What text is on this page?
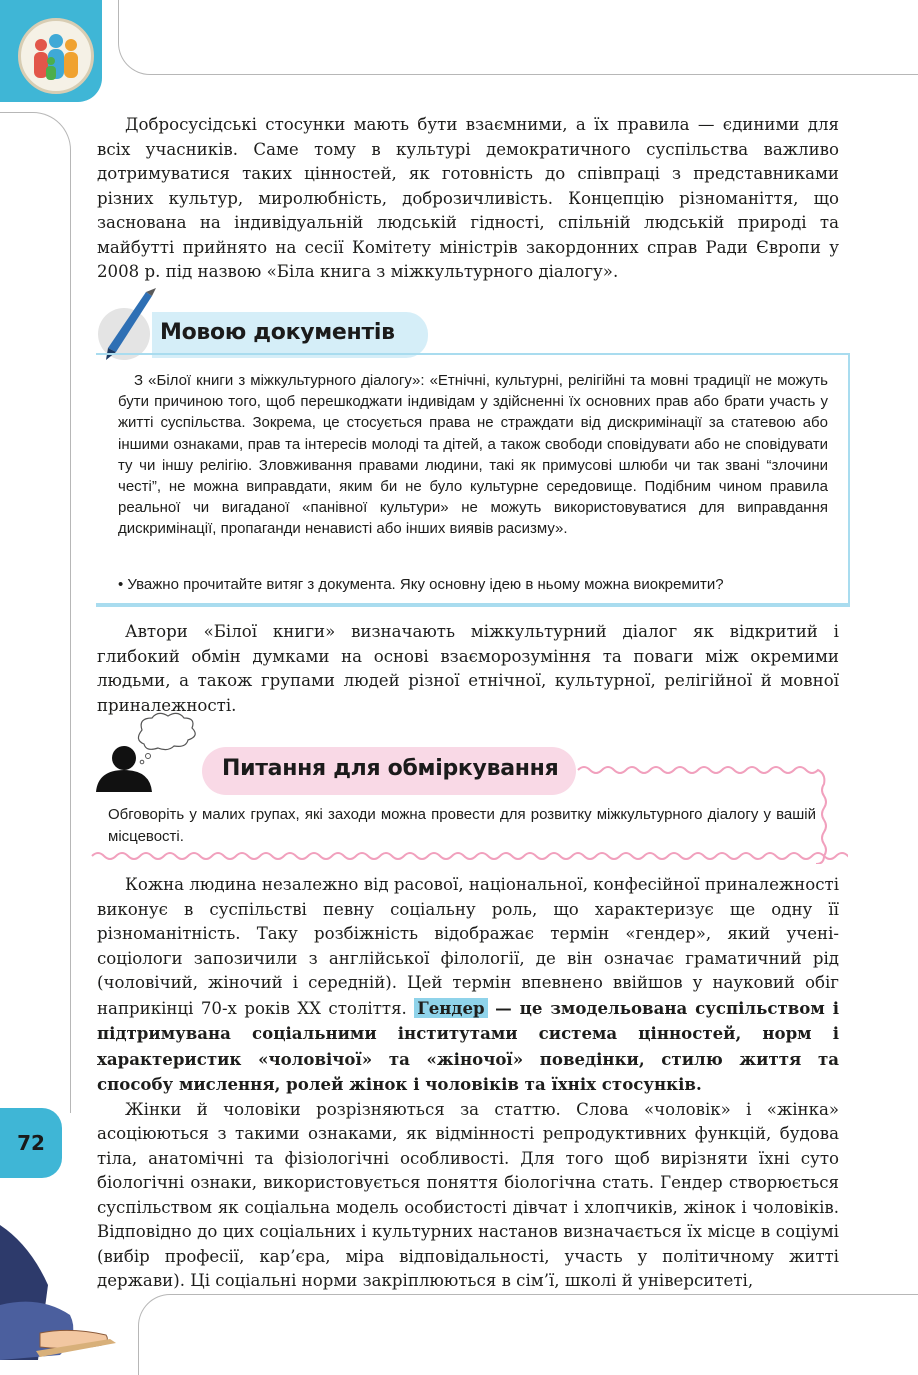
72

Добросусідські стосунки мають бути взаємними, а їх правила — єдиними для всіх учасників. Саме тому в культурі демократичного суспільства важливо дотримуватися таких цінностей, як готовність до співпраці з представниками різних культур, миролюбність, доброзичливість. Концепцію різноманіття, що заснована на індивідуальній людській гідності, спільній людській природі та майбутті прийнято на сесії Комітету міністрів закордонних справ Ради Європи у 2008 р. під назвою «Біла книга з міжкультурного діалогу».

Мовою документів

З «Білої книги з міжкультурного діалогу»: «Етнічні, культурні, релігійні та мовні традиції не можуть бути причиною того, щоб перешкоджати індивідам у здійсненні їх основних прав або брати участь у житті суспільства. Зокрема, це стосується права не страждати від дискримінації за статевою або іншими ознаками, прав та інтересів молоді та дітей, а також свободи сповідувати або не сповідувати ту чи іншу релігію. Зловживання правами людини, такі як примусові шлюби чи так звані “злочини честі”, не можна виправдати, яким би не було культурне середовище. Подібним чином правила реальної чи вигаданої «панівної культури» не можуть використовуватися для виправдання дискримінації, пропаганди ненависті або інших виявів расизму».

• Уважно прочитайте витяг з документа. Яку основну ідею в ньому можна виокремити?

Автори «Білої книги» визначають міжкультурний діалог як відкритий і глибокий обмін думками на основі взаєморозуміння та поваги між окремими людьми, а також групами людей різної етнічної, культурної, релігійної й мовної приналежності.

Питання для обміркування
Обговоріть у малих групах, які заходи можна провести для розвитку міжкультурного діалогу у вашій місцевості.

Кожна людина незалежно від расової, національної, конфесійної приналежності виконує в суспільстві певну соціальну роль, що характеризує ще одну її різноманітність. Таку розбіжність відображає термін «гендер», який учені-соціологи запозичили з англійської філології, де він означає граматичний рід (чоловічий, жіночий і середній). Цей термін впевнено ввійшов у науковий обіг наприкінці 70-х років XX століття. Гендер — це змодельована суспільством і підтримувана соціальними інститутами система цінностей, норм і характеристик «чоловічої» та «жіночої» поведінки, стилю життя та способу мислення, ролей жінок і чоловіків та їхніх стосунків.

Жінки й чоловіки розрізняються за статтю. Слова «чоловік» і «жінка» асоціюються з такими ознаками, як відмінності репродуктивних функцій, будова тіла, анатомічні та фізіологічні особливості. Для того щоб вирізняти їхні суто біологічні ознаки, використовується поняття біологічна стать. Гендер створюється суспільством як соціальна модель особистості дівчат і хлопчиків, жінок і чоловіків. Відповідно до цих соціальних і культурних настанов визначається їх місце в соціумі (вибір професії, кар’єра, міра відповідальності, участь у політичному житті держави). Ці соціальні норми закріплюються в сім’ї, школі й університеті,
